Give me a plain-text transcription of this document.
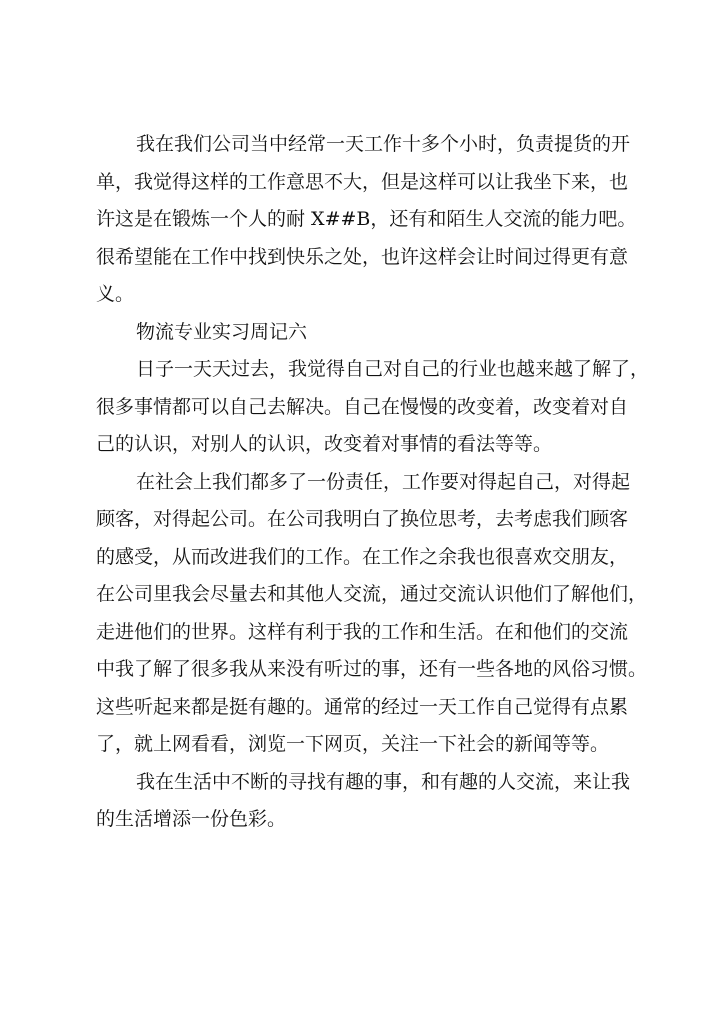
我在我们公司当中经常一天工作十多个小时，负责提货的开
单，我觉得这样的工作意思不大，但是这样可以让我坐下来，也
许这是在锻炼一个人的耐 X##B，还有和陌生人交流的能力吧。
很希望能在工作中找到快乐之处，也许这样会让时间过得更有意
义。
物流专业实习周记六
日子一天天过去，我觉得自己对自己的行业也越来越了解了，
很多事情都可以自己去解决。自己在慢慢的改变着，改变着对自
己的认识，对别人的认识，改变着对事情的看法等等。
在社会上我们都多了一份责任，工作要对得起自己，对得起
顾客，对得起公司。在公司我明白了换位思考，去考虑我们顾客
的感受，从而改进我们的工作。在工作之余我也很喜欢交朋友，
在公司里我会尽量去和其他人交流，通过交流认识他们了解他们，
走进他们的世界。这样有利于我的工作和生活。在和他们的交流
中我了解了很多我从来没有听过的事，还有一些各地的风俗习惯。
这些听起来都是挺有趣的。通常的经过一天工作自己觉得有点累
了，就上网看看，浏览一下网页，关注一下社会的新闻等等。
我在生活中不断的寻找有趣的事，和有趣的人交流，来让我
的生活增添一份色彩。
